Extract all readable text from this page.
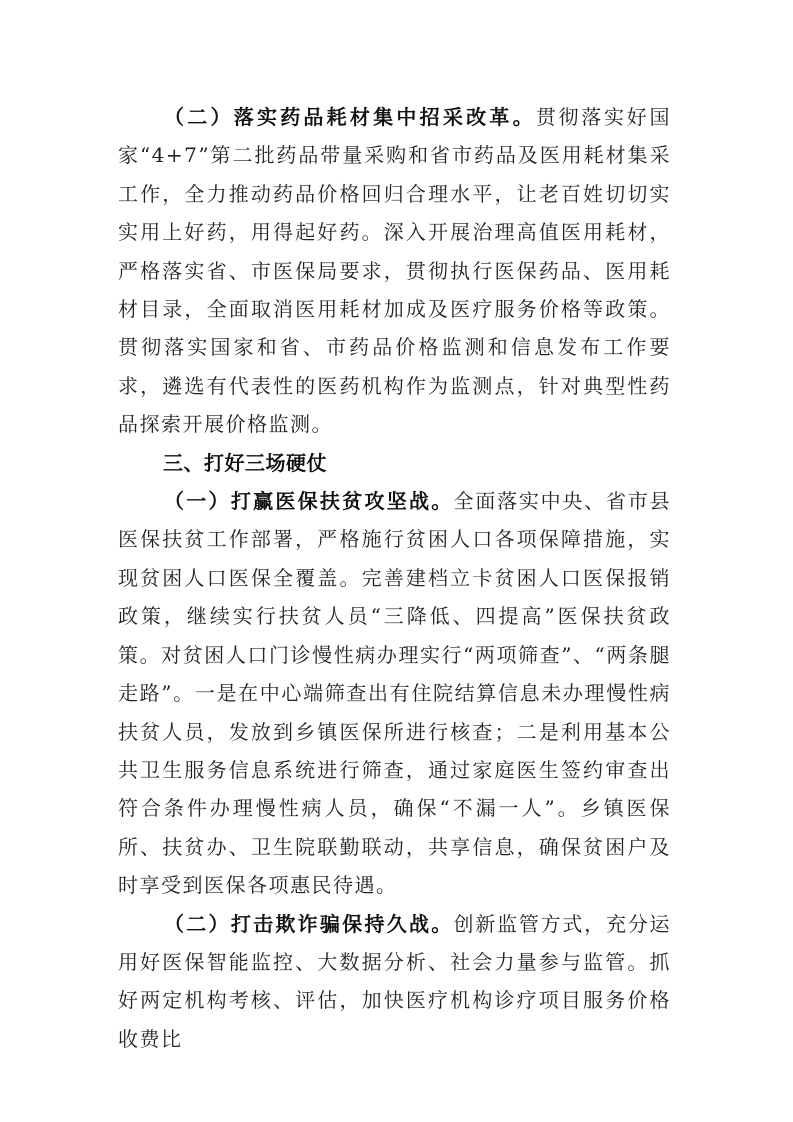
（二）落实药品耗材集中招采改革。贯彻落实好国家“4+7”第二批药品带量采购和省市药品及医用耗材集采工作，全力推动药品价格回归合理水平，让老百姓切切实实用上好药，用得起好药。深入开展治理高值医用耗材，严格落实省、市医保局要求，贯彻执行医保药品、医用耗材目录，全面取消医用耗材加成及医疗服务价格等政策。贯彻落实国家和省、市药品价格监测和信息发布工作要求，遴选有代表性的医药机构作为监测点，针对典型性药品探索开展价格监测。

三、打好三场硬仗

（一）打赢医保扶贫攻坚战。全面落实中央、省市县医保扶贫工作部署，严格施行贫困人口各项保障措施，实现贫困人口医保全覆盖。完善建档立卡贫困人口医保报销政策，继续实行扶贫人员“三降低、四提高”医保扶贫政策。对贫困人口门诊慢性病办理实行“两项筛查”、“两条腿走路”。一是在中心端筛查出有住院结算信息未办理慢性病扶贫人员，发放到乡镇医保所进行核查；二是利用基本公共卫生服务信息系统进行筛查，通过家庭医生签约审查出符合条件办理慢性病人员，确保“不漏一人”。乡镇医保所、扶贫办、卫生院联勤联动，共享信息，确保贫困户及时享受到医保各项惠民待遇。

（二）打击欺诈骗保持久战。创新监管方式，充分运用好医保智能监控、大数据分析、社会力量参与监管。抓好两定机构考核、评估，加快医疗机构诊疗项目服务价格收费比
